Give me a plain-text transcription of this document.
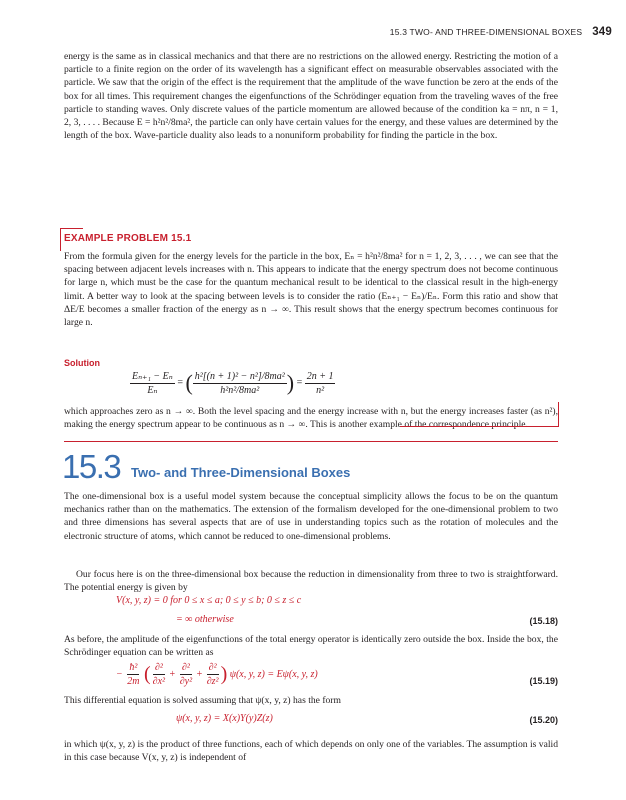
15.3 TWO- AND THREE-DIMENSIONAL BOXES 349

energy is the same as in classical mechanics and that there are no restrictions on the allowed energy. Restricting the motion of a particle to a finite region on the order of its wavelength has a significant effect on measurable observables associated with the particle. We saw that the origin of the effect is the requirement that the amplitude of the wave function be zero at the ends of the box for all times. This requirement changes the eigenfunctions of the Schrödinger equation from the traveling waves of the free particle to standing waves. Only discrete values of the particle momentum are allowed because of the condition ka = nπ, n = 1, 2, 3, . . . . Because E = h²n²/8ma², the particle can only have certain values for the energy, and these values are determined by the length of the box. Wave-particle duality also leads to a nonuniform probability for finding the particle in the box.

EXAMPLE PROBLEM 15.1

From the formula given for the energy levels for the particle in the box, Eₙ = h²n²/8ma² for n = 1, 2, 3, . . . , we can see that the spacing between adjacent levels increases with n. This appears to indicate that the energy spectrum does not become continuous for large n, which must be the case for the quantum mechanical result to be identical to the classical result in the high-energy limit. A better way to look at the spacing between levels is to consider the ratio (Eₙ₊₁ − Eₙ)/Eₙ. Form this ratio and show that ΔE/E becomes a smaller fraction of the energy as n → ∞. This result shows that the energy spectrum becomes continuous for large n.

Solution
$\frac{\text{Eₙ₊₁ − Eₙ}}{\text{Eₙ}}$ = ( $\frac{\text{h²[(n + 1)² − n²]/8ma²}}{\text{h²n²/8ma²}}$ ) = $\frac{2n + 1}{\text{n²}}$

which approaches zero as n → ∞. Both the level spacing and the energy increase with n, but the energy increases faster (as n²), making the energy spectrum appear to be continuous as n → ∞. This is another example of the correspondence principle.

15.3 Two- and Three-Dimensional Boxes

The one-dimensional box is a useful model system because the conceptual simplicity allows the focus to be on the quantum mechanics rather than on the mathematics. The extension of the formalism developed for the one-dimensional problem to two and three dimensions has several aspects that are of use in understanding topics such as the rotation of molecules and the electronic structure of atoms, which cannot be reduced to one-dimensional problems.

Our focus here is on the three-dimensional box because the reduction in dimensionality from three to two is straightforward. The potential energy is given by

V(x, y, z) = 0 for 0 ≤ x ≤ a; 0 ≤ y ≤ b; 0 ≤ z ≤ c
= ∞ otherwise	(15.18)

As before, the amplitude of the eigenfunctions of the total energy operator is identically zero outside the box. Inside the box, the Schrödinger equation can be written as

− $\frac{\text{ħ²}}{2m}$ ( $\frac{\text{∂²}}{\text{∂x²}} + \frac{\text{∂²}}{\text{∂y²}} + \frac{\text{∂²}}{\text{∂z²}}$ ) ψ(x, y, z) = Eψ(x, y, z)
(15.19)

This differential equation is solved assuming that ψ(x, y, z) has the form

ψ(x, y, z) = X(x)Y(y)Z(z)	(15.20)

in which ψ(x, y, z) is the product of three functions, each of which depends on only one of the variables. The assumption is valid in this case because V(x, y, z) is independent of
